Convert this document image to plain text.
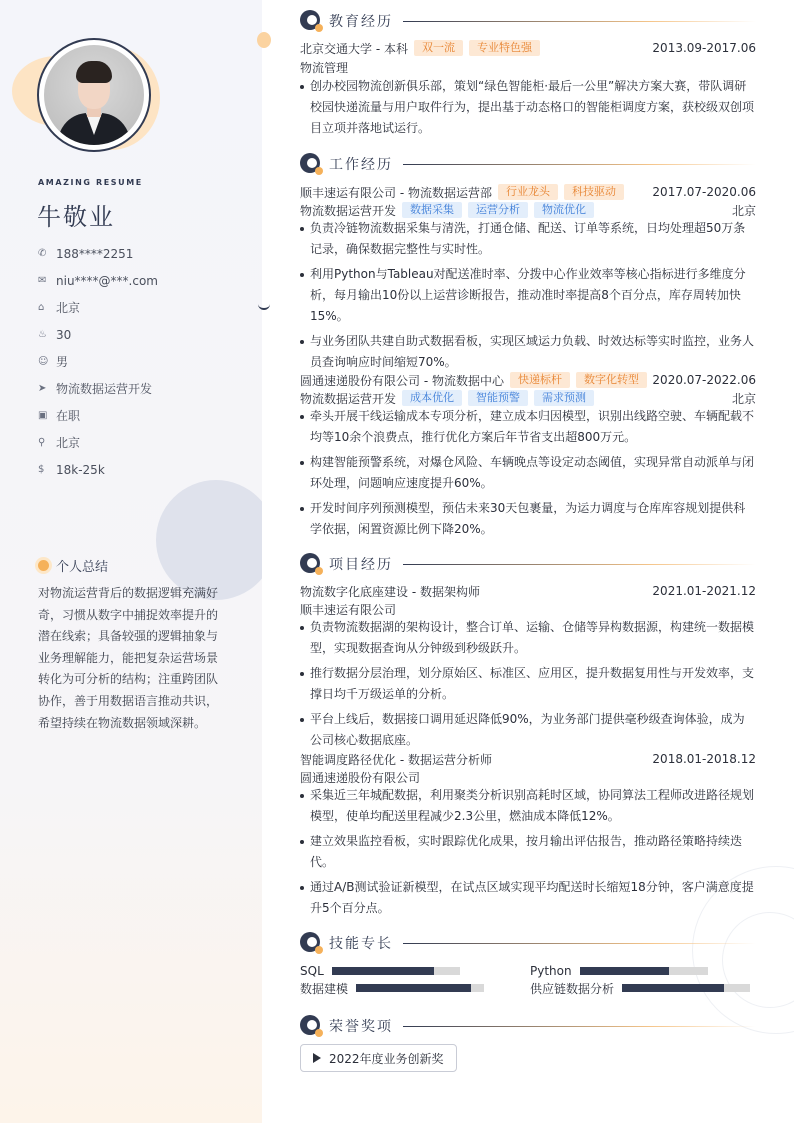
AMAZING RESUME
牛敬业
✆ 188****2251
✉ niu****@***.com
⌂ 北京
♨ 30
☺ 男
➤ 物流数据运营开发
▣ 在职
⚲ 北京
$ 18k-25k
个人总结
对物流运营背后的数据逻辑充满好奇，习惯从数字中捕捉效率提升的潜在线索；具备较强的逻辑抽象与业务理解能力，能把复杂运营场景转化为可分析的结构；注重跨团队协作，善于用数据语言推动共识，希望持续在物流数据领域深耕。
教育经历
北京交通大学 - 本科	双一流	专业特色强	2013.09-2017.06
物流管理
创办校园物流创新俱乐部，策划“绿色智能柜·最后一公里”解决方案大赛，带队调研校园快递流量与用户取件行为，提出基于动态格口的智能柜调度方案，获校级双创项目立项并落地试运行。
工作经历
顺丰速运有限公司 - 物流数据运营部	行业龙头	科技驱动	2017.07-2020.06
物流数据运营开发	数据采集	运营分析	物流优化	北京
负责冷链物流数据采集与清洗，打通仓储、配送、订单等系统，日均处理超50万条记录，确保数据完整性与实时性。
利用Python与Tableau对配送准时率、分拨中心作业效率等核心指标进行多维度分析，每月输出10份以上运营诊断报告，推动准时率提高8个百分点，库存周转加快15%。
与业务团队共建自助式数据看板，实现区域运力负载、时效达标等实时监控，业务人员查询响应时间缩短70%。
圆通速递股份有限公司 - 物流数据中心	快递标杆	数字化转型	2020.07-2022.06
物流数据运营开发	成本优化	智能预警	需求预测	北京
牵头开展干线运输成本专项分析，建立成本归因模型，识别出线路空驶、车辆配载不均等10余个浪费点，推行优化方案后年节省支出超800万元。
构建智能预警系统，对爆仓风险、车辆晚点等设定动态阈值，实现异常自动派单与闭环处理，问题响应速度提升60%。
开发时间序列预测模型，预估未来30天包裹量，为运力调度与仓库库容规划提供科学依据，闲置资源比例下降20%。
项目经历
物流数字化底座建设 - 数据架构师	2021.01-2021.12
顺丰速运有限公司
负责物流数据湖的架构设计，整合订单、运输、仓储等异构数据源，构建统一数据模型，实现数据查询从分钟级到秒级跃升。
推行数据分层治理，划分原始区、标准区、应用区，提升数据复用性与开发效率，支撑日均千万级运单的分析。
平台上线后，数据接口调用延迟降低90%，为业务部门提供毫秒级查询体验，成为公司核心数据底座。
智能调度路径优化 - 数据运营分析师	2018.01-2018.12
圆通速递股份有限公司
采集近三年城配数据，利用聚类分析识别高耗时区域，协同算法工程师改进路径规划模型，使单均配送里程减少2.3公里，燃油成本降低12%。
建立效果监控看板，实时跟踪优化成果，按月输出评估报告，推动路径策略持续迭代。
通过A/B测试验证新模型，在试点区域实现平均配送时长缩短18分钟，客户满意度提升5个百分点。
技能专长
SQL	Python
数据建模	供应链数据分析
荣誉奖项
2022年度业务创新奖
